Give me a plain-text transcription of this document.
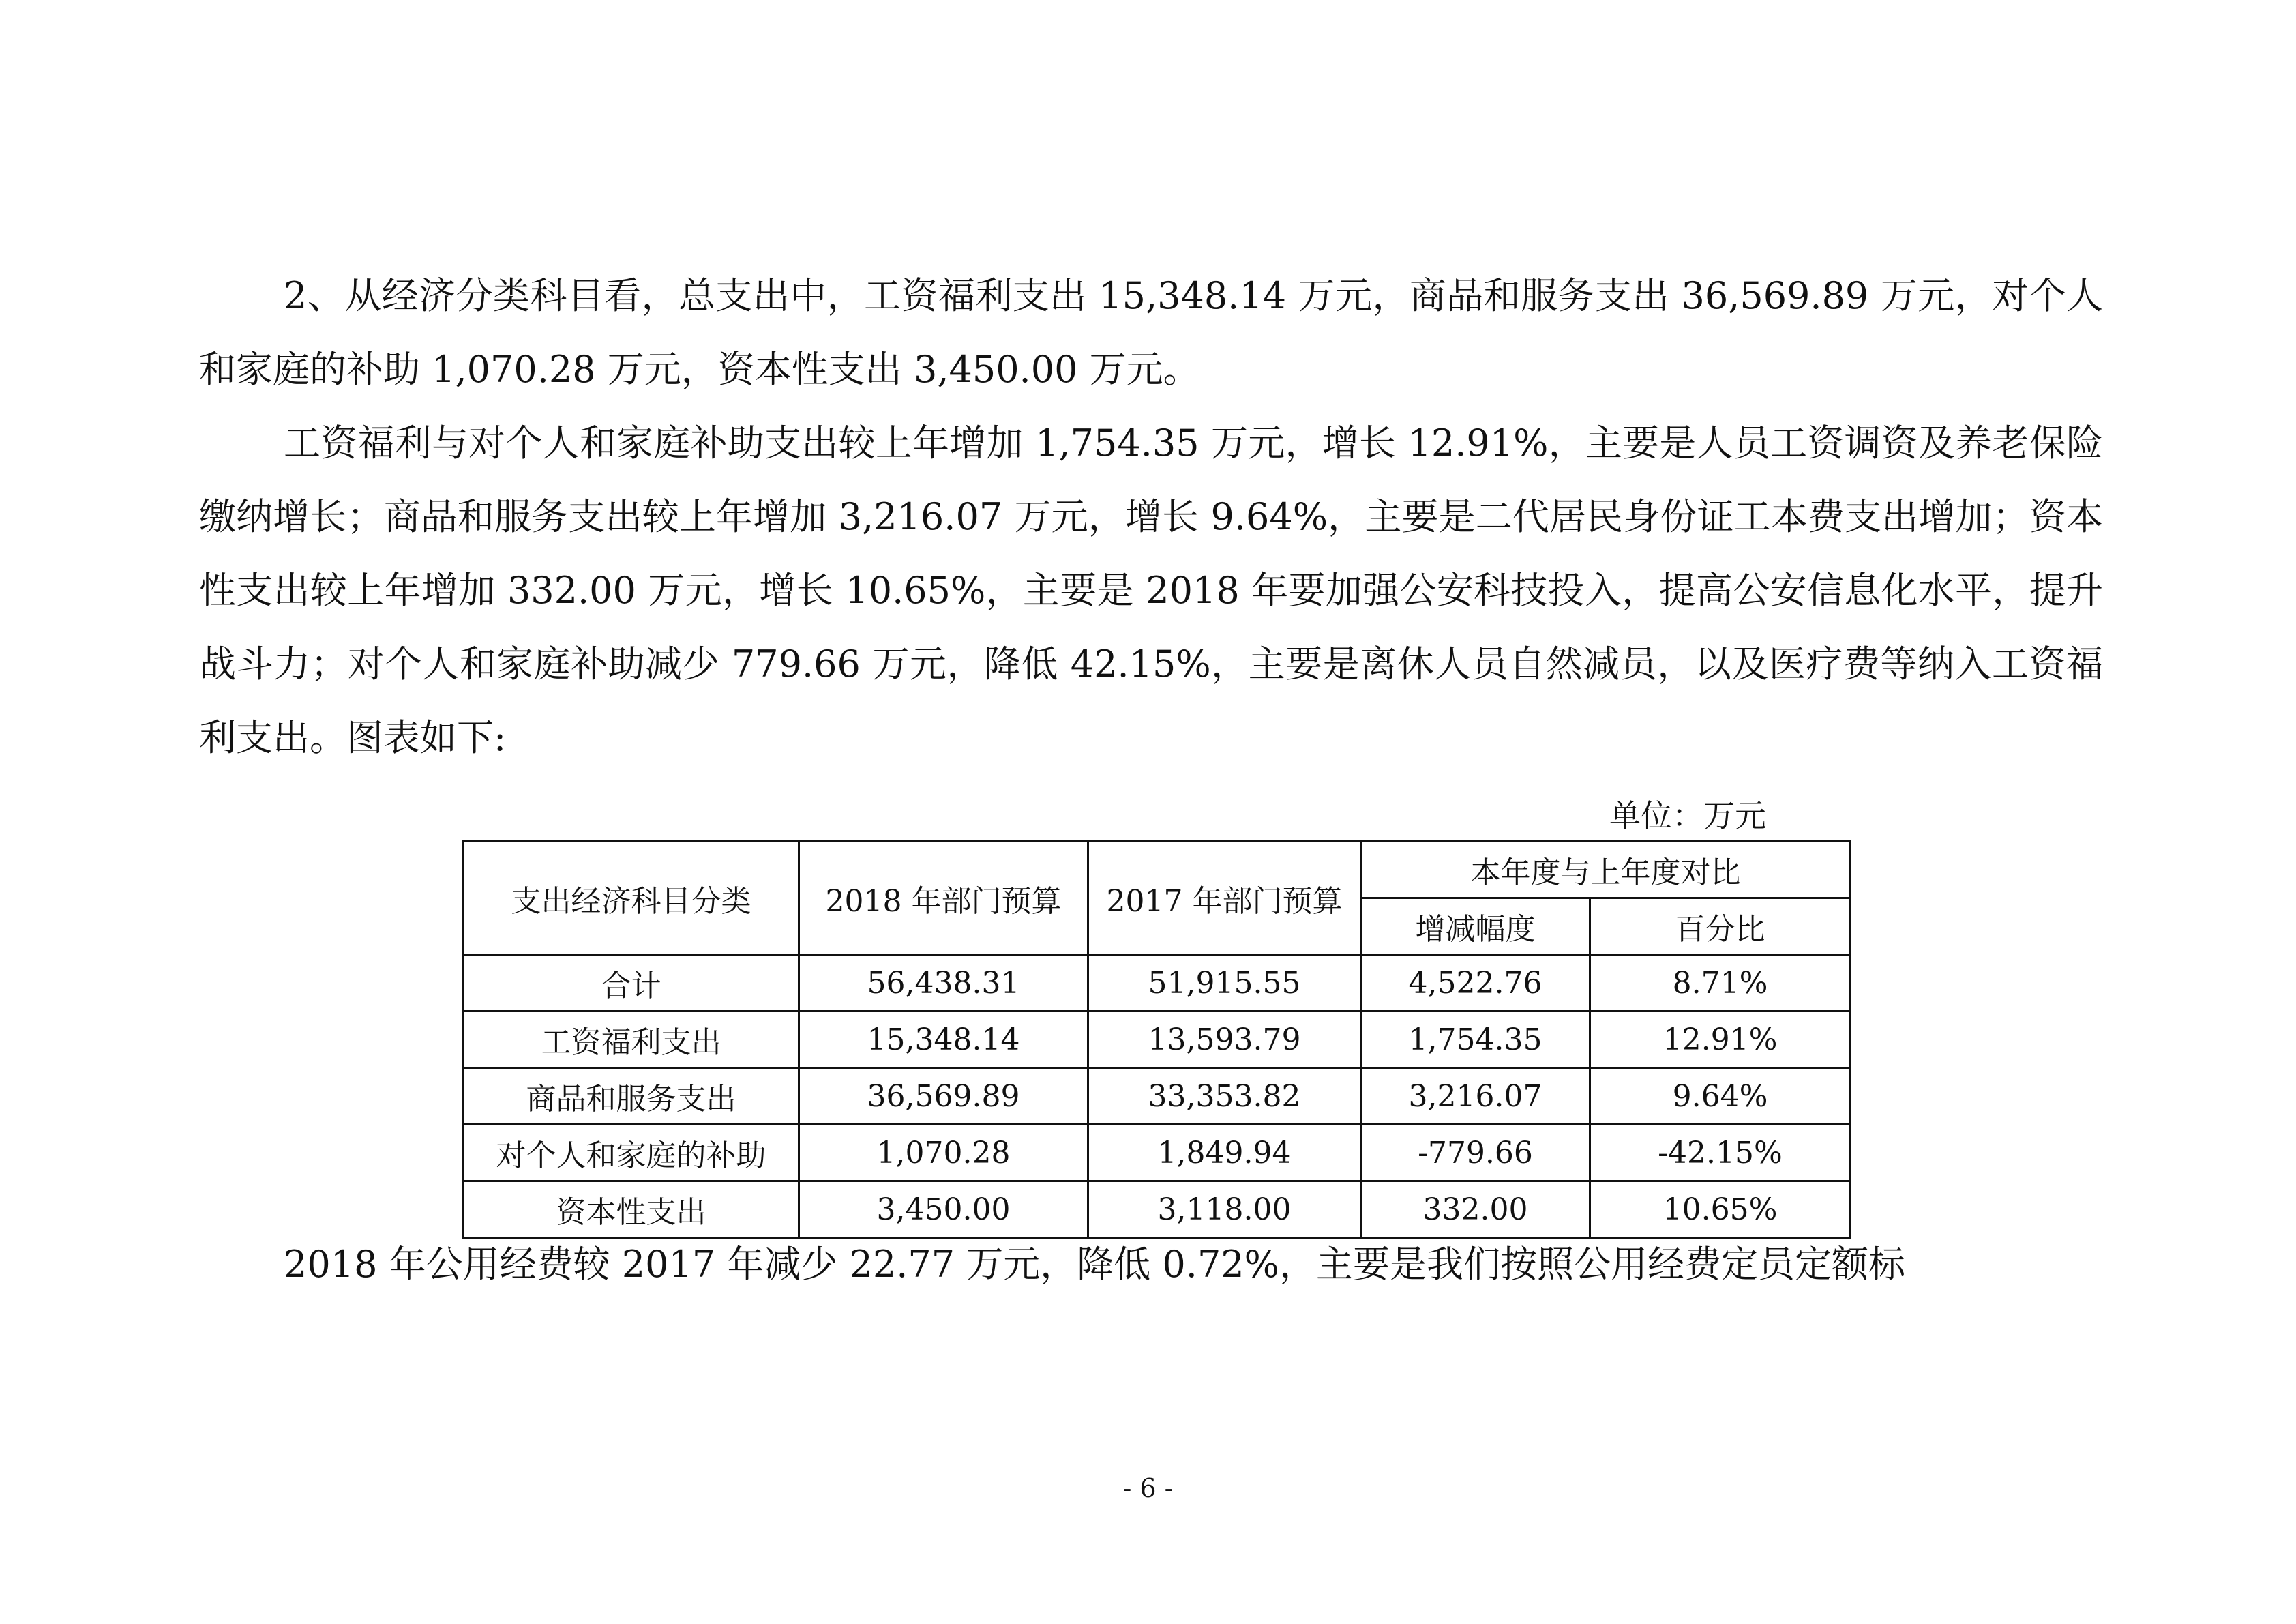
2、从经济分类科目看，总支出中，工资福利支出 15,348.14 万元，商品和服务支出 36,569.89 万元，对个人和家庭的补助 1,070.28 万元，资本性支出 3,450.00 万元。

工资福利与对个人和家庭补助支出较上年增加 1,754.35 万元，增长 12.91%，主要是人员工资调资及养老保险缴纳增长；商品和服务支出较上年增加 3,216.07 万元，增长 9.64%，主要是二代居民身份证工本费支出增加；资本性支出较上年增加 332.00 万元，增长 10.65%，主要是 2018 年要加强公安科技投入，提高公安信息化水平，提升战斗力；对个人和家庭补助减少 779.66 万元，降低 42.15%，主要是离休人员自然减员，以及医疗费等纳入工资福利支出。图表如下:

单位：万元
支出经济科目分类	2018 年部门预算	2017 年部门预算	本年度与上年度对比	
			增减幅度	百分比
合计	56,438.31	51,915.55	4,522.76	8.71%
工资福利支出	15,348.14	13,593.79	1,754.35	12.91%
商品和服务支出	36,569.89	33,353.82	3,216.07	9.64%
对个人和家庭的补助	1,070.28	1,849.94	-779.66	-42.15%
资本性支出	3,450.00	3,118.00	332.00	10.65%

2018 年公用经费较 2017 年减少 22.77 万元，降低 0.72%，主要是我们按照公用经费定员定额标

- 6 -
